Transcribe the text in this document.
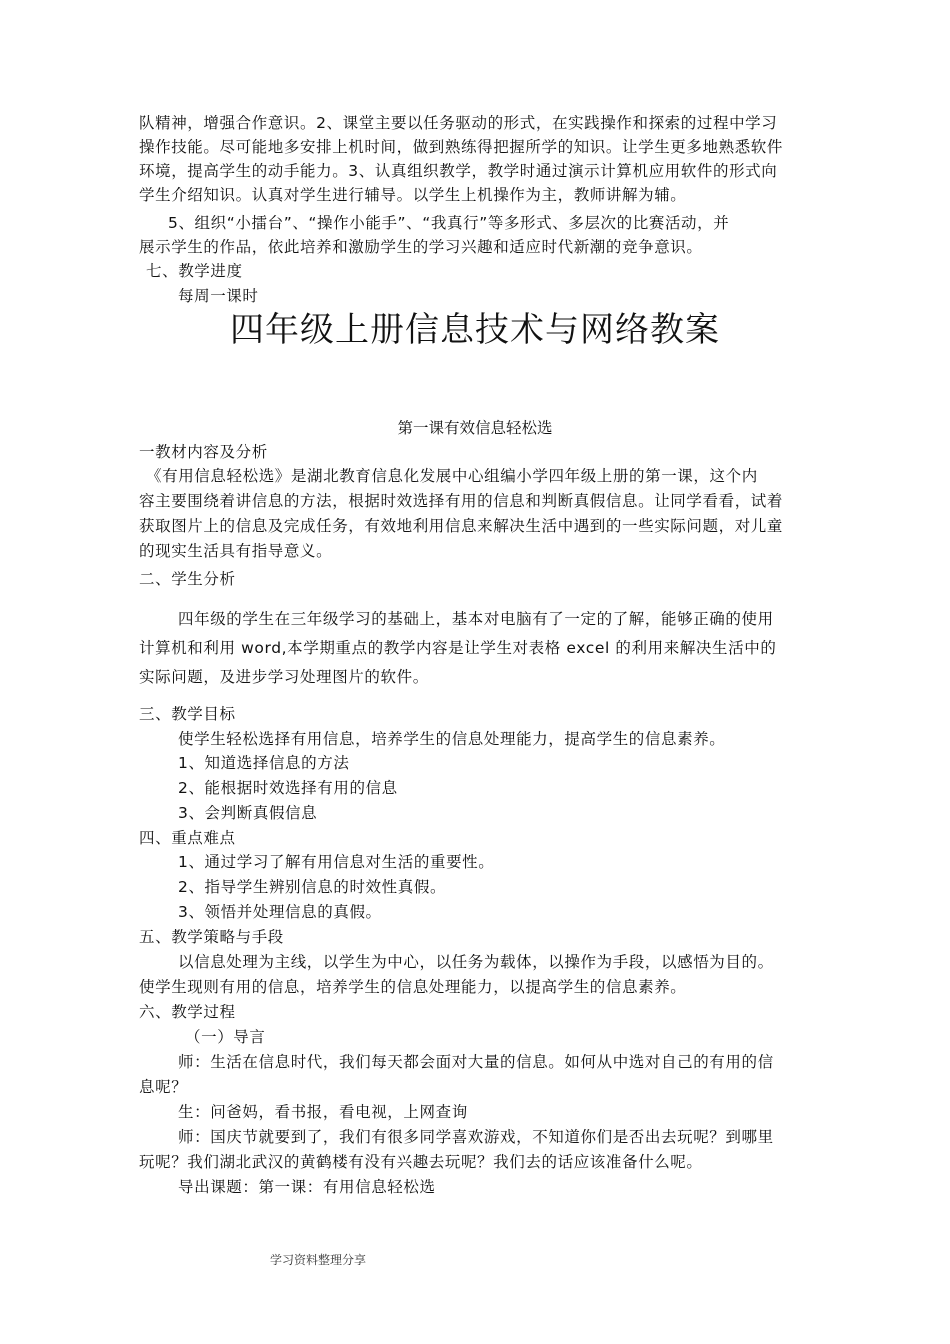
队精神，增强合作意识。2、课堂主要以任务驱动的形式，在实践操作和探索的过程中学习
操作技能。尽可能地多安排上机时间，做到熟练得把握所学的知识。让学生更多地熟悉软件
环境，提高学生的动手能力。3、认真组织教学，教学时通过演示计算机应用软件的形式向
学生介绍知识。认真对学生进行辅导。以学生上机操作为主，教师讲解为辅。
5、组织“小擂台”、“操作小能手”、“我真行”等多形式、多层次的比赛活动，并
展示学生的作品，依此培养和激励学生的学习兴趣和适应时代新潮的竞争意识。
七、教学进度
每周一课时
四年级上册信息技术与网络教案
第一课有效信息轻松选
一教材内容及分析
《有用信息轻松选》是湖北教育信息化发展中心组编小学四年级上册的第一课，这个内
容主要围绕着讲信息的方法，根据时效选择有用的信息和判断真假信息。让同学看看，试着
获取图片上的信息及完成任务，有效地利用信息来解决生活中遇到的一些实际问题，对儿童
的现实生活具有指导意义。
二、学生分析
四年级的学生在三年级学习的基础上，基本对电脑有了一定的了解，能够正确的使用
计算机和利用 word,本学期重点的教学内容是让学生对表格 excel 的利用来解决生活中的
实际问题，及进步学习处理图片的软件。
三、教学目标
使学生轻松选择有用信息，培养学生的信息处理能力，提高学生的信息素养。
1、知道选择信息的方法
2、能根据时效选择有用的信息
3、会判断真假信息
四、重点难点
1、通过学习了解有用信息对生活的重要性。
2、指导学生辨别信息的时效性真假。
3、领悟并处理信息的真假。
五、教学策略与手段
以信息处理为主线，以学生为中心，以任务为载体，以操作为手段，以感悟为目的。
使学生现则有用的信息，培养学生的信息处理能力，以提高学生的信息素养。
六、教学过程
（一）导言
师：生活在信息时代，我们每天都会面对大量的信息。如何从中选对自己的有用的信
息呢？
生：问爸妈，看书报，看电视，上网查询
师：国庆节就要到了，我们有很多同学喜欢游戏，不知道你们是否出去玩呢？到哪里
玩呢？我们湖北武汉的黄鹤楼有没有兴趣去玩呢？我们去的话应该准备什么呢。
导出课题：第一课：有用信息轻松选
学习资料整理分享
